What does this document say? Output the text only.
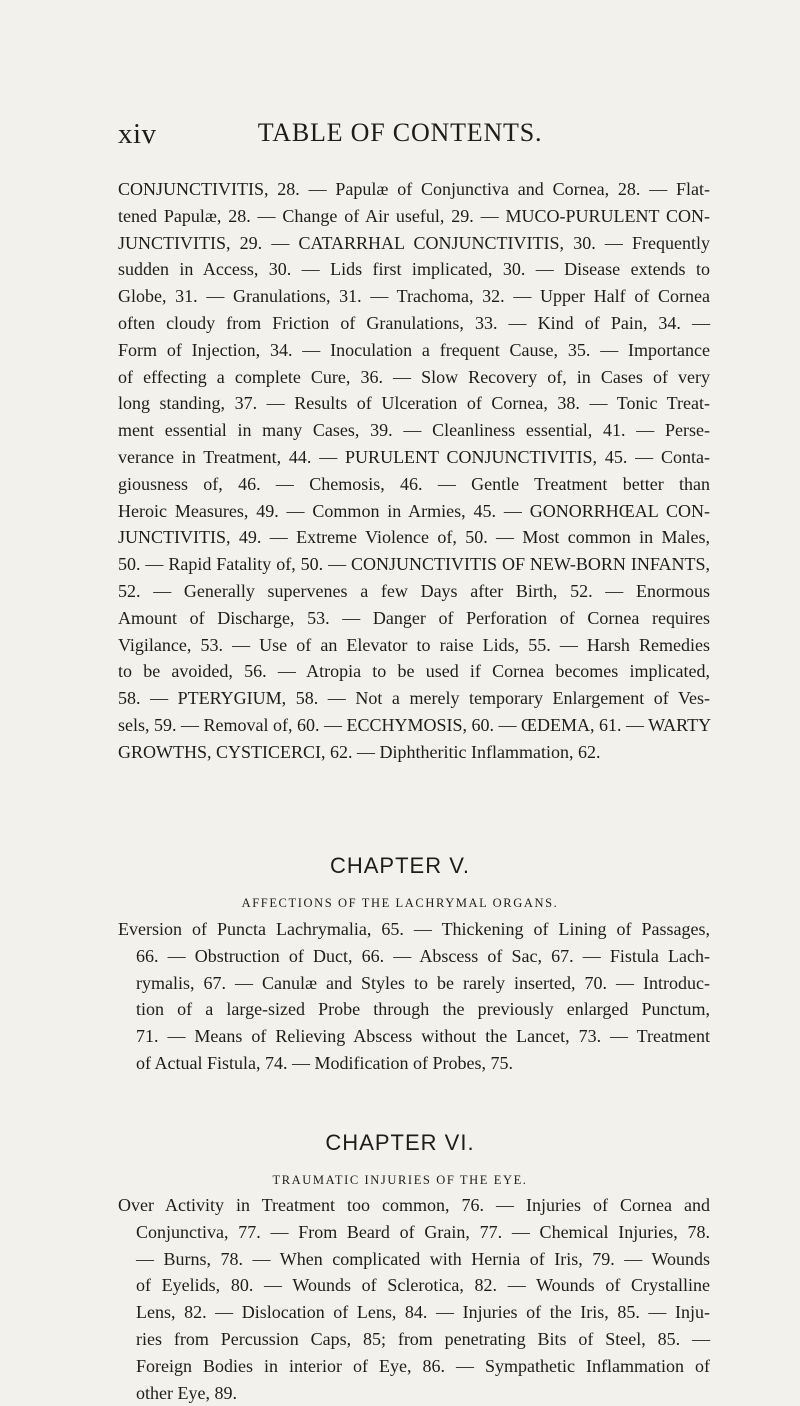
xiv	TABLE OF CONTENTS.
CONJUNCTIVITIS, 28. — Papulæ of Conjunctiva and Cornea, 28. — Flat-
tened Papulæ, 28. — Change of Air useful, 29. — MUCO-PURULENT CON-
JUNCTIVITIS, 29. — CATARRHAL CONJUNCTIVITIS, 30. — Frequently
sudden in Access, 30. — Lids first implicated, 30. — Disease extends to
Globe, 31. — Granulations, 31. — Trachoma, 32. — Upper Half of Cornea
often cloudy from Friction of Granulations, 33. — Kind of Pain, 34. —
Form of Injection, 34. — Inoculation a frequent Cause, 35. — Importance
of effecting a complete Cure, 36. — Slow Recovery of, in Cases of very
long standing, 37. — Results of Ulceration of Cornea, 38. — Tonic Treat-
ment essential in many Cases, 39. — Cleanliness essential, 41. — Perse-
verance in Treatment, 44. — PURULENT CONJUNCTIVITIS, 45. — Conta-
giousness of, 46. — Chemosis, 46. — Gentle Treatment better than
Heroic Measures, 49. — Common in Armies, 45. — GONORRHŒAL CON-
JUNCTIVITIS, 49. — Extreme Violence of, 50. — Most common in Males,
50. — Rapid Fatality of, 50. — CONJUNCTIVITIS OF NEW-BORN INFANTS,
52. — Generally supervenes a few Days after Birth, 52. — Enormous
Amount of Discharge, 53. — Danger of Perforation of Cornea requires
Vigilance, 53. — Use of an Elevator to raise Lids, 55. — Harsh Remedies
to be avoided, 56. — Atropia to be used if Cornea becomes implicated,
58. — PTERYGIUM, 58. — Not a merely temporary Enlargement of Ves-
sels, 59. — Removal of, 60. — ECCHYMOSIS, 60. — ŒDEMA, 61. — WARTY
GROWTHS, CYSTICERCI, 62. — Diphtheritic Inflammation, 62.
CHAPTER V.
AFFECTIONS OF THE LACHRYMAL ORGANS.
Eversion of Puncta Lachrymalia, 65. — Thickening of Lining of Passages,
66. — Obstruction of Duct, 66. — Abscess of Sac, 67. — Fistula Lach-
rymalis, 67. — Canulæ and Styles to be rarely inserted, 70. — Introduc-
tion of a large-sized Probe through the previously enlarged Punctum,
71. — Means of Relieving Abscess without the Lancet, 73. — Treatment
of Actual Fistula, 74. — Modification of Probes, 75.
CHAPTER VI.
TRAUMATIC INJURIES OF THE EYE.
Over Activity in Treatment too common, 76. — Injuries of Cornea and
Conjunctiva, 77. — From Beard of Grain, 77. — Chemical Injuries, 78.
— Burns, 78. — When complicated with Hernia of Iris, 79. — Wounds
of Eyelids, 80. — Wounds of Sclerotica, 82. — Wounds of Crystalline
Lens, 82. — Dislocation of Lens, 84. — Injuries of the Iris, 85. — Inju-
ries from Percussion Caps, 85; from penetrating Bits of Steel, 85. —
Foreign Bodies in interior of Eye, 86. — Sympathetic Inflammation of
other Eye, 89.
